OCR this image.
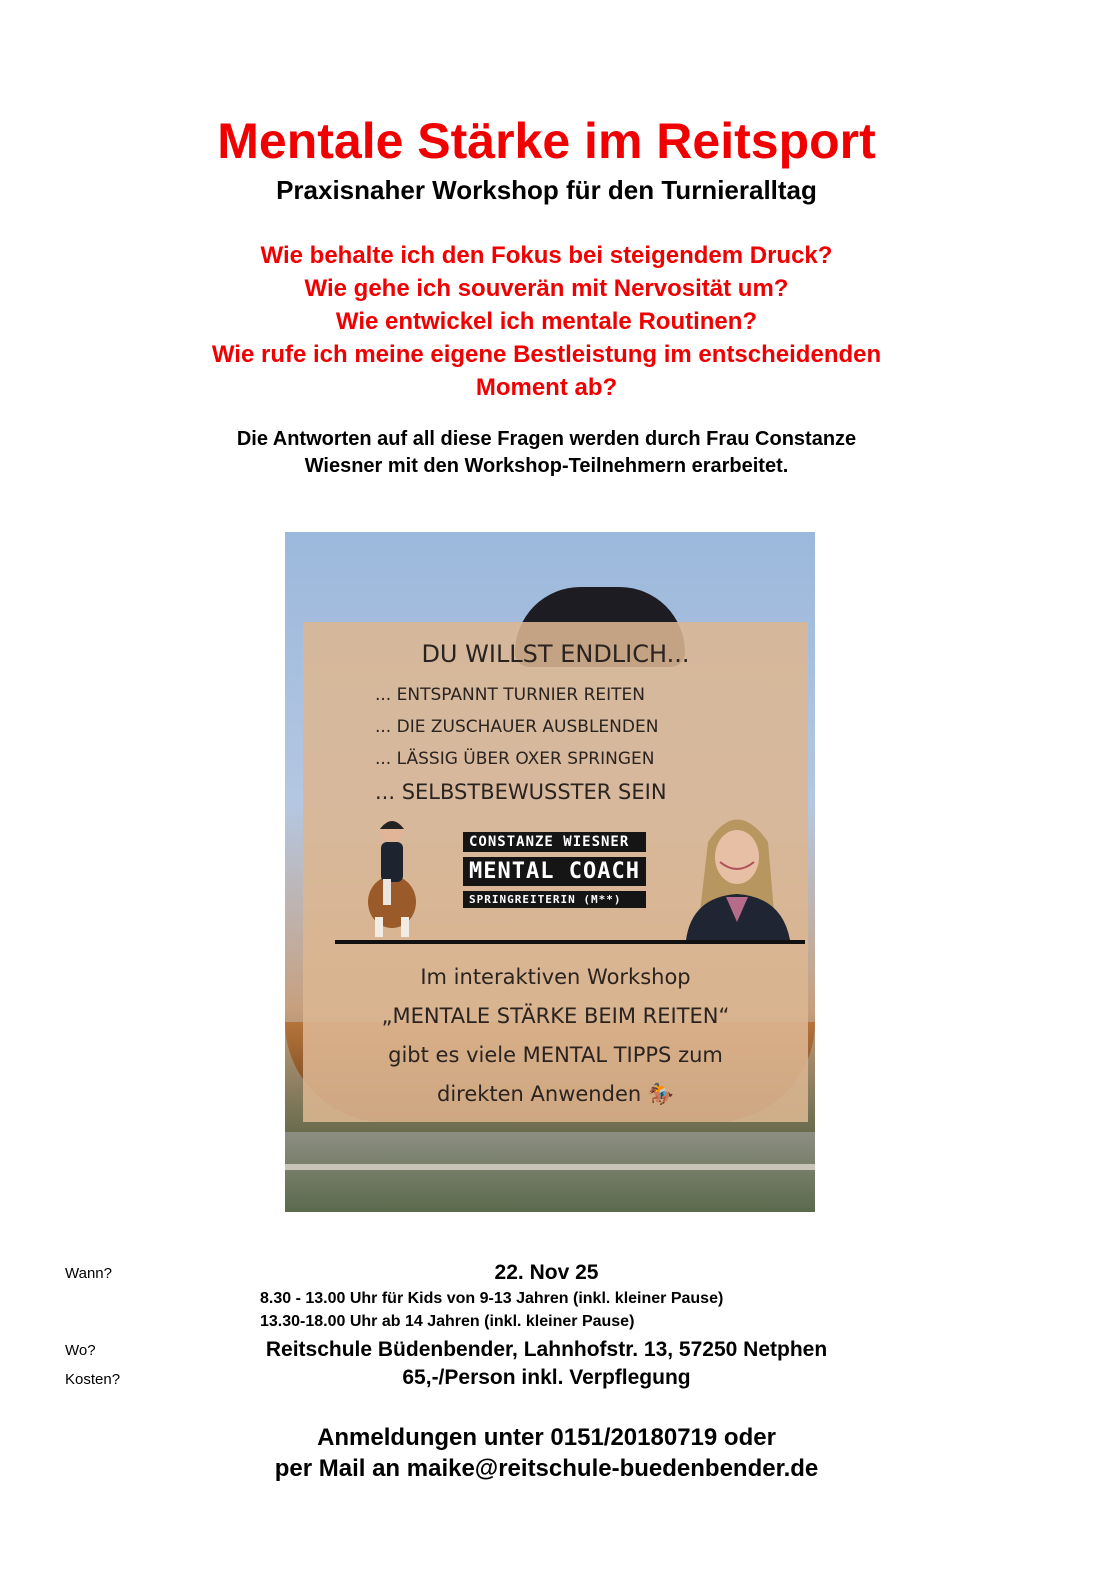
Mentale Stärke im Reitsport
Praxisnaher Workshop für den Turnieralltag
Wie behalte ich den Fokus bei steigendem Druck?
Wie gehe ich souverän mit Nervosität um?
Wie entwickel ich mentale Routinen?
Wie rufe ich meine eigene Bestleistung im entscheidenden
Moment ab?
Die Antworten auf all diese Fragen werden durch Frau Constanze
Wiesner mit den Workshop-Teilnehmern erarbeitet.
DU WILLST ENDLICH...
... ENTSPANNT TURNIER REITEN
... DIE ZUSCHAUER AUSBLENDEN
... LÄSSIG ÜBER OXER SPRINGEN
... SELBSTBEWUSSTER SEIN
CONSTANZE WIESNER
MENTAL COACH
SPRINGREITERIN (M**)
Im interaktiven Workshop
„MENTALE STÄRKE BEIM REITEN“
gibt es viele MENTAL TIPPS zum
direkten Anwenden 🏇
Wann?	22. Nov 25
8.30 - 13.00 Uhr für Kids von 9-13 Jahren (inkl. kleiner Pause)
13.30-18.00 Uhr ab 14 Jahren (inkl. kleiner Pause)
Wo?	Reitschule Büdenbender, Lahnhofstr. 13, 57250 Netphen
Kosten?	65,-/Person inkl. Verpflegung
Anmeldungen unter 0151/20180719 oder
per Mail an maike@reitschule-buedenbender.de
